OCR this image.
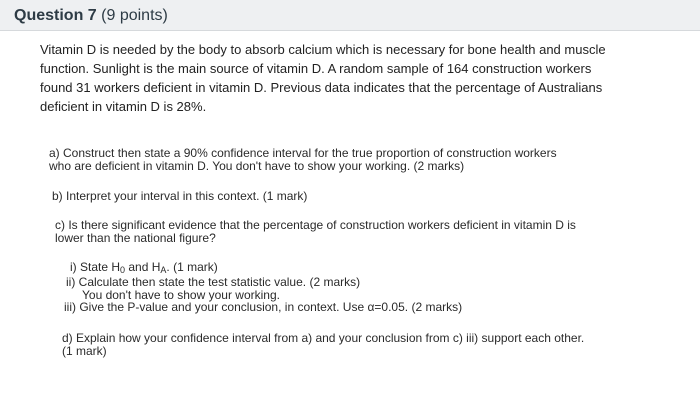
Question 7 (9 points)
Vitamin D is needed by the body to absorb calcium which is necessary for bone health and muscle
function. Sunlight is the main source of vitamin D. A random sample of 164 construction workers
found 31 workers deficient in vitamin D. Previous data indicates that the percentage of Australians
deficient in vitamin D is 28%.
a) Construct then state a 90% confidence interval for the true proportion of construction workers
who are deficient in vitamin D. You don't have to show your working. (2 marks)
b) Interpret your interval in this context. (1 mark)
c) Is there significant evidence that the percentage of construction workers deficient in vitamin D is
lower than the national figure?
i) State $H_0$ and $H_A$. (1 mark)
ii) Calculate then state the test statistic value. (2 marks)
You don't have to show your working.
iii) Give the P-value and your conclusion, in context. Use α=0.05. (2 marks)
d) Explain how your confidence interval from a) and your conclusion from c) iii) support each other.
(1 mark)
